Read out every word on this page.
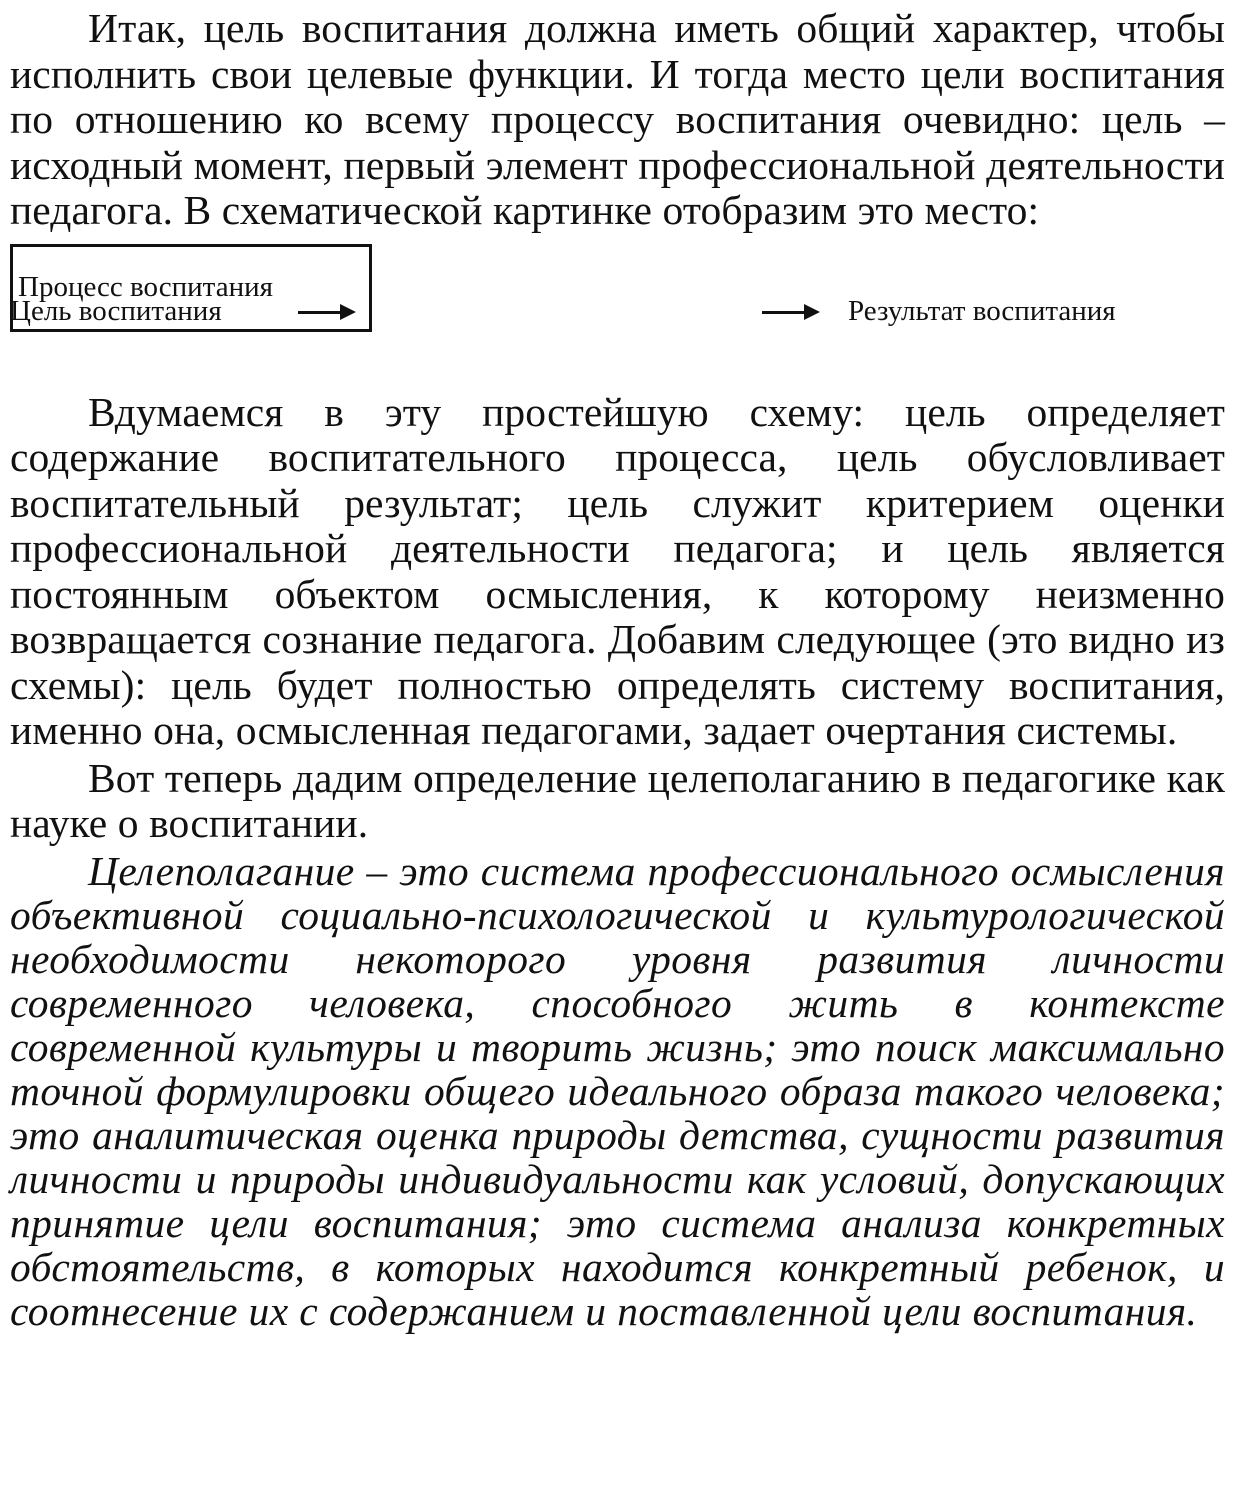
Итак, цель воспитания должна иметь общий характер, чтобы исполнить свои целевые функции. И тогда место цели воспитания по отношению ко всему процессу воспитания очевидно: цель – исходный момент, первый элемент профессиональной деятельности педагога. В схематической картинке отобразим это место:

Цель воспитания
Процесс воспитания
Результат воспитания

Вдумаемся в эту простейшую схему: цель определяет содержание воспитательного процесса, цель обусловливает воспитательный результат; цель служит критерием оценки профессиональной деятельности педагога; и цель является постоянным объектом осмысления, к которому неизменно возвращается сознание педагога. Добавим следующее (это видно из схемы): цель будет полностью определять систему воспитания, именно она, осмысленная педагогами, задает очертания системы.

Вот теперь дадим определение целеполаганию в педагогике как науке о воспитании.

Целеполагание – это система профессионального осмысления объективной социально-психологической и культурологической необходимости некоторого уровня развития личности современного человека, способного жить в контексте современной культуры и творить жизнь; это поиск максимально точной формулировки общего идеального образа такого человека; это аналитическая оценка природы детства, сущности развития личности и природы индивидуальности как условий, допускающих принятие цели воспитания; это система анализа конкретных обстоятельств, в которых находится конкретный ребенок, и соотнесение их с содержанием и поставленной цели воспитания.
